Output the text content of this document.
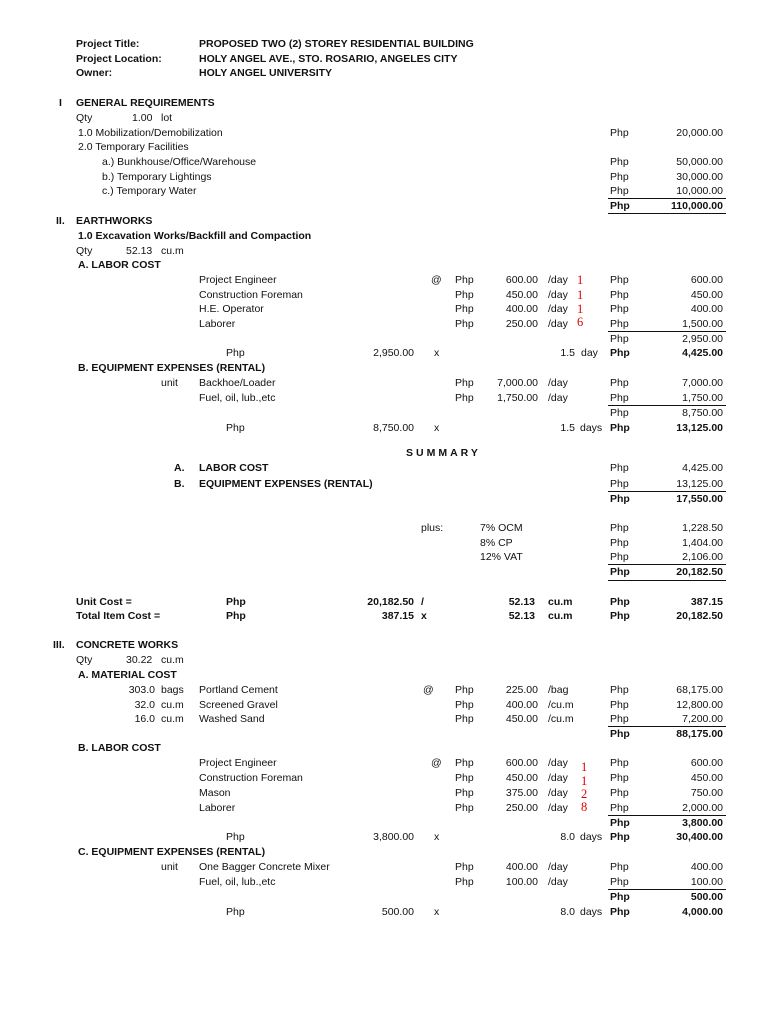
Project Title:	PROPOSED TWO (2) STOREY RESIDENTIAL BUILDING
Project Location:	HOLY ANGEL AVE., STO. ROSARIO, ANGELES CITY
Owner:	HOLY ANGEL UNIVERSITY
I GENERAL REQUIREMENTS
Qty	1.00 lot
1.0 Mobilization/Demobilization	Php	20,000.00
2.0 Temporary Facilities
a.) Bunkhouse/Office/Warehouse	Php	50,000.00
b.) Temporary Lightings	Php	30,000.00
c.) Temporary Water	Php	10,000.00
Php	110,000.00
II. EARTHWORKS
1.0 Excavation Works/Backfill and Compaction
Qty	52.13 cu.m
A. LABOR COST
Project Engineer	@ Php	600.00 /day 1	Php	600.00
Construction Foreman	Php	450.00 /day 1	Php	450.00
H.E. Operator	Php	400.00 /day 1	Php	400.00
Laborer	Php	250.00 /day 6	Php	1,500.00
Php	2,950.00
Php	2,950.00 x	1.5 day Php	4,425.00
B. EQUIPMENT EXPENSES (RENTAL)
unit Backhoe/Loader	Php	7,000.00 /day	Php	7,000.00
Fuel, oil, lub.,etc	Php	1,750.00 /day	Php	1,750.00
Php	8,750.00
Php	8,750.00 x	1.5 days Php	13,125.00
SUMMARY
A. LABOR COST	Php	4,425.00
B. EQUIPMENT EXPENSES (RENTAL)	Php	13,125.00
Php	17,550.00
plus:	7% OCM	Php	1,228.50
8% CP	Php	1,404.00
12% VAT	Php	2,106.00
Php	20,182.50
Unit Cost =	Php	20,182.50 /	52.13 cu.m	Php	387.15
Total Item Cost =	Php	387.15 x	52.13 cu.m	Php	20,182.50
III. CONCRETE WORKS
Qty	30.22 cu.m
A. MATERIAL COST
303.0 bags Portland Cement	@ Php	225.00 /bag	Php	68,175.00
32.0 cu.m Screened Gravel	Php	400.00 /cu.m	Php	12,800.00
16.0 cu.m Washed Sand	Php	450.00 /cu.m	Php	7,200.00
Php	88,175.00
B. LABOR COST
Project Engineer	@ Php	600.00 /day 1 Php	600.00
Construction Foreman	Php	450.00 /day 1 Php	450.00
Mason	Php	375.00 /day 2 Php	750.00
Laborer	Php	250.00 /day 8 Php	2,000.00
Php	3,800.00
Php	3,800.00 x	8.0 days Php	30,400.00
C. EQUIPMENT EXPENSES (RENTAL)
unit One Bagger Concrete Mixer	Php	400.00 /day	Php	400.00
Fuel, oil, lub.,etc	Php	100.00 /day	Php	100.00
Php	500.00
Php	500.00 x	8.0 days Php	4,000.00
